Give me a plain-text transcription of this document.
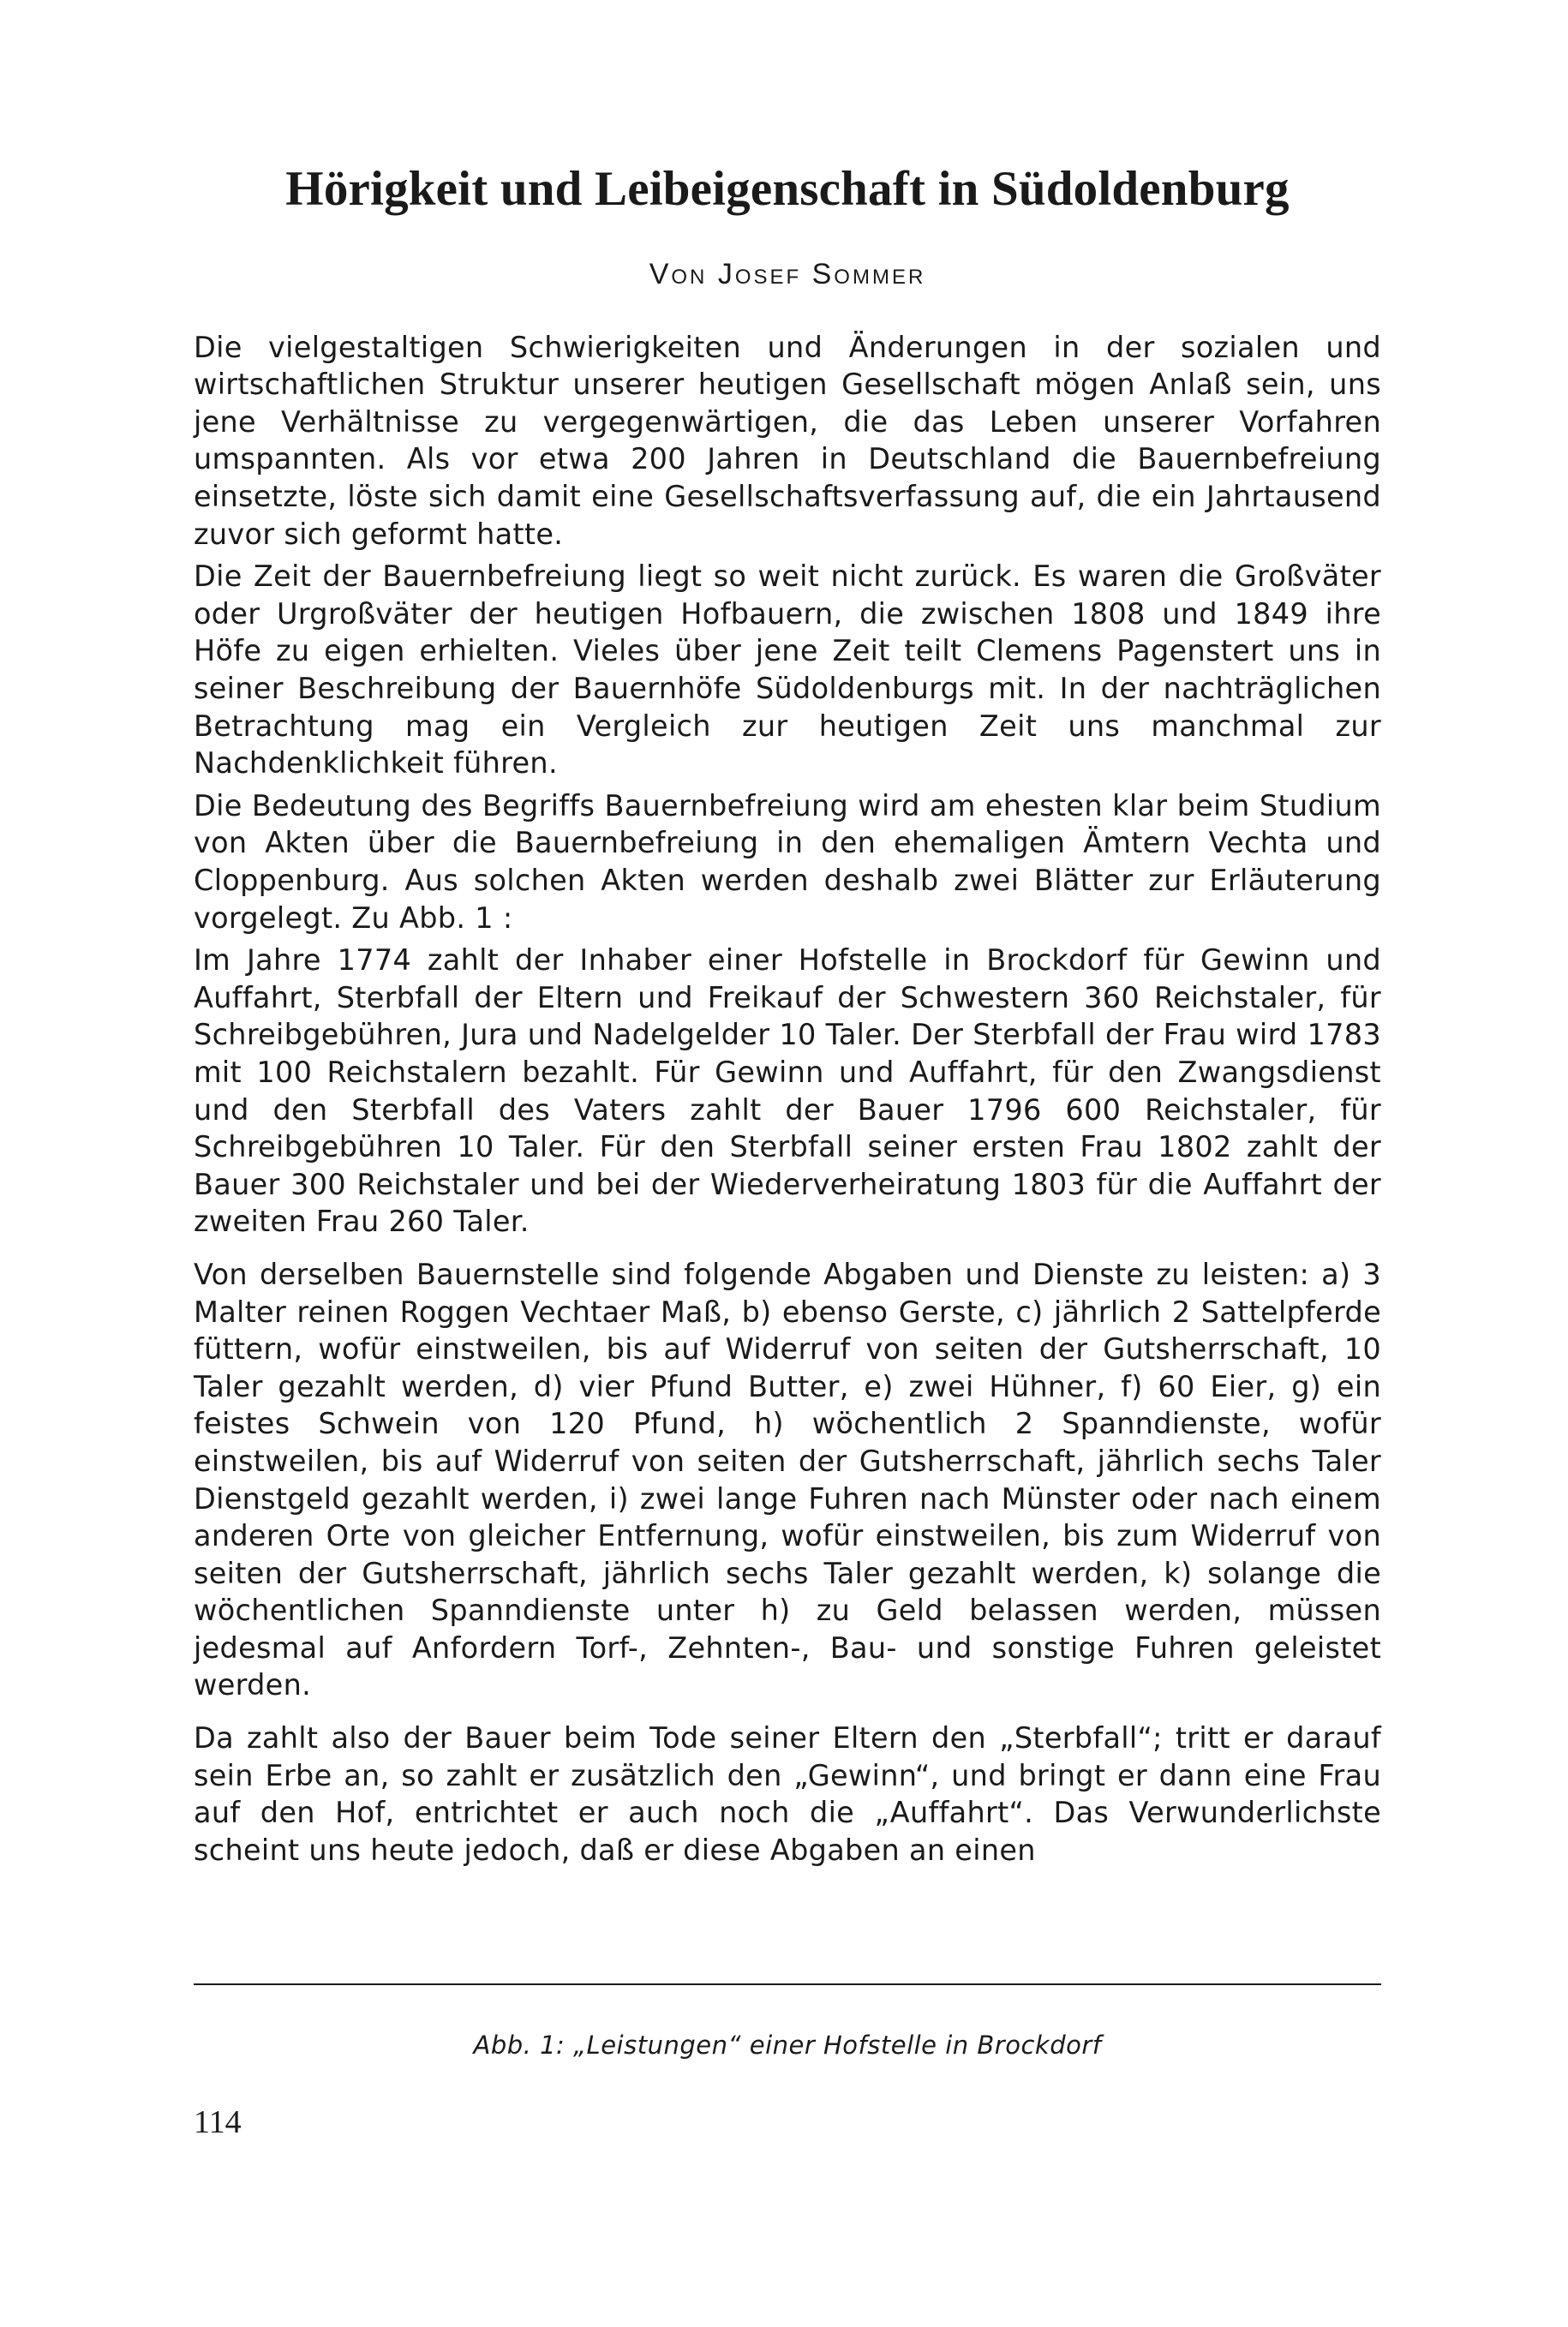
Hörigkeit und Leibeigenschaft in Südoldenburg
Von Josef Sommer

Die vielgestaltigen Schwierigkeiten und Änderungen in der sozialen und wirtschaftlichen Struktur unserer heutigen Gesellschaft mögen Anlaß sein, uns jene Verhältnisse zu vergegenwärtigen, die das Leben unserer Vorfahren umspannten. Als vor etwa 200 Jahren in Deutschland die Bauernbefreiung einsetzte, löste sich damit eine Gesellschaftsverfassung auf, die ein Jahrtausend zuvor sich geformt hatte.

Die Zeit der Bauernbefreiung liegt so weit nicht zurück. Es waren die Großväter oder Urgroßväter der heutigen Hofbauern, die zwischen 1808 und 1849 ihre Höfe zu eigen erhielten. Vieles über jene Zeit teilt Clemens Pagenstert uns in seiner Beschreibung der Bauernhöfe Südoldenburgs mit. In der nachträglichen Betrachtung mag ein Vergleich zur heutigen Zeit uns manchmal zur Nachdenklichkeit führen.

Die Bedeutung des Begriffs Bauernbefreiung wird am ehesten klar beim Studium von Akten über die Bauernbefreiung in den ehemaligen Ämtern Vechta und Cloppenburg. Aus solchen Akten werden deshalb zwei Blätter zur Erläuterung vorgelegt. Zu Abb. 1 :

Im Jahre 1774 zahlt der Inhaber einer Hofstelle in Brockdorf für Gewinn und Auffahrt, Sterbfall der Eltern und Freikauf der Schwestern 360 Reichstaler, für Schreibgebühren, Jura und Nadelgelder 10 Taler. Der Sterbfall der Frau wird 1783 mit 100 Reichstalern bezahlt. Für Gewinn und Auffahrt, für den Zwangsdienst und den Sterbfall des Vaters zahlt der Bauer 1796 600 Reichstaler, für Schreibgebühren 10 Taler. Für den Sterbfall seiner ersten Frau 1802 zahlt der Bauer 300 Reichstaler und bei der Wiederverheiratung 1803 für die Auffahrt der zweiten Frau 260 Taler.

Von derselben Bauernstelle sind folgende Abgaben und Dienste zu leisten: a) 3 Malter reinen Roggen Vechtaer Maß, b) ebenso Gerste, c) jährlich 2 Sattelpferde füttern, wofür einstweilen, bis auf Widerruf von seiten der Gutsherrschaft, 10 Taler gezahlt werden, d) vier Pfund Butter, e) zwei Hühner, f) 60 Eier, g) ein feistes Schwein von 120 Pfund, h) wöchentlich 2 Spanndienste, wofür einstweilen, bis auf Widerruf von seiten der Gutsherrschaft, jährlich sechs Taler Dienstgeld gezahlt werden, i) zwei lange Fuhren nach Münster oder nach einem anderen Orte von gleicher Entfernung, wofür einstweilen, bis zum Widerruf von seiten der Gutsherrschaft, jährlich sechs Taler gezahlt werden, k) solange die wöchentlichen Spanndienste unter h) zu Geld belassen werden, müssen jedesmal auf Anfordern Torf-, Zehnten-, Bau- und sonstige Fuhren geleistet werden.

Da zahlt also der Bauer beim Tode seiner Eltern den „Sterbfall“; tritt er darauf sein Erbe an, so zahlt er zusätzlich den „Gewinn“, und bringt er dann eine Frau auf den Hof, entrichtet er auch noch die „Auffahrt“. Das Verwunderlichste scheint uns heute jedoch, daß er diese Abgaben an einen

Abb. 1: „Leistungen“ einer Hofstelle in Brockdorf
114
